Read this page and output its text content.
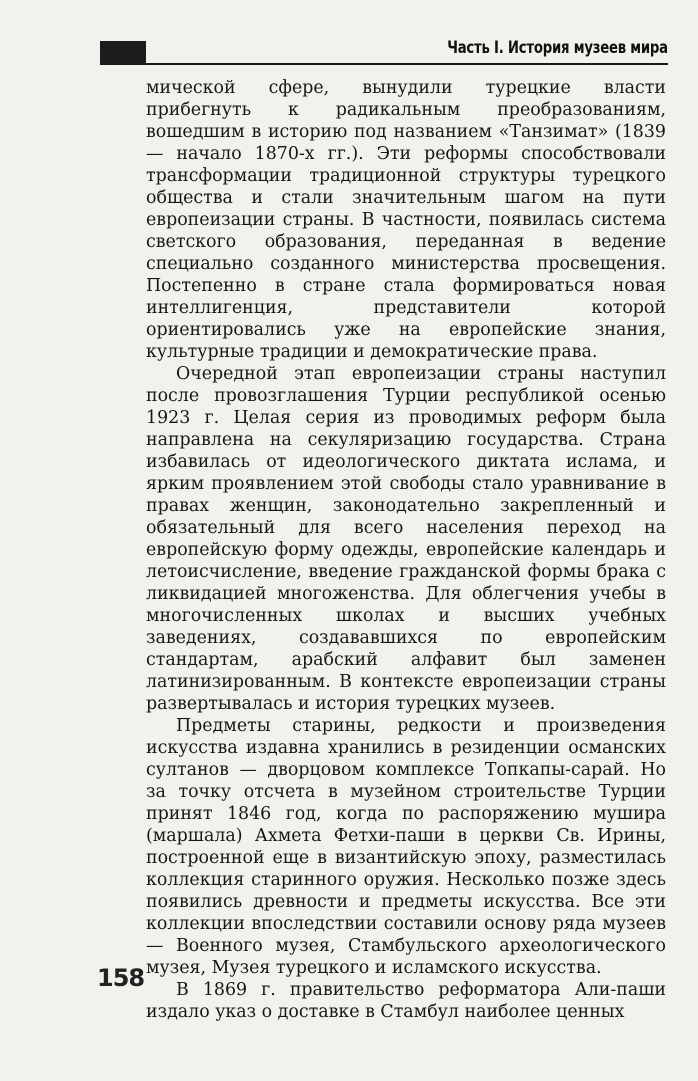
Часть I. История музеев мира

мической сфере, вынудили турецкие власти прибегнуть к радикальным преобразованиям, вошедшим в историю под названием «Танзимат» (1839 — начало 1870-х гг.). Эти реформы способствовали трансформации традиционной структуры турецкого общества и стали значительным шагом на пути европеизации страны. В частности, появилась система светского образования, переданная в ведение специально созданного министерства просвещения. Постепенно в стране стала формироваться новая интеллигенция, представители которой ориентировались уже на европейские знания, культурные традиции и демократические права.

Очередной этап европеизации страны наступил после провозглашения Турции республикой осенью 1923 г. Целая серия из проводимых реформ была направлена на секуляризацию государства. Страна избавилась от идеологического диктата ислама, и ярким проявлением этой свободы стало уравнивание в правах женщин, законодательно закрепленный и обязательный для всего населения переход на европейскую форму одежды, европейские календарь и летоисчисление, введение гражданской формы брака с ликвидацией многоженства. Для облегчения учебы в многочисленных школах и высших учебных заведениях, создававшихся по европейским стандартам, арабский алфавит был заменен латинизированным. В контексте европеизации страны развертывалась и история турецких музеев.

Предметы старины, редкости и произведения искусства издавна хранились в резиденции османских султанов — дворцовом комплексе Топкапы-сарай. Но за точку отсчета в музейном строительстве Турции принят 1846 год, когда по распоряжению мушира (маршала) Ахмета Фетхи-паши в церкви Св. Ирины, построенной еще в византийскую эпоху, разместилась коллекция старинного оружия. Несколько позже здесь появились древности и предметы искусства. Все эти коллекции впоследствии составили основу ряда музеев — Военного музея, Стамбульского археологического музея, Музея турецкого и исламского искусства.

В 1869 г. правительство реформатора Али-паши издало указ о доставке в Стамбул наиболее ценных

158
